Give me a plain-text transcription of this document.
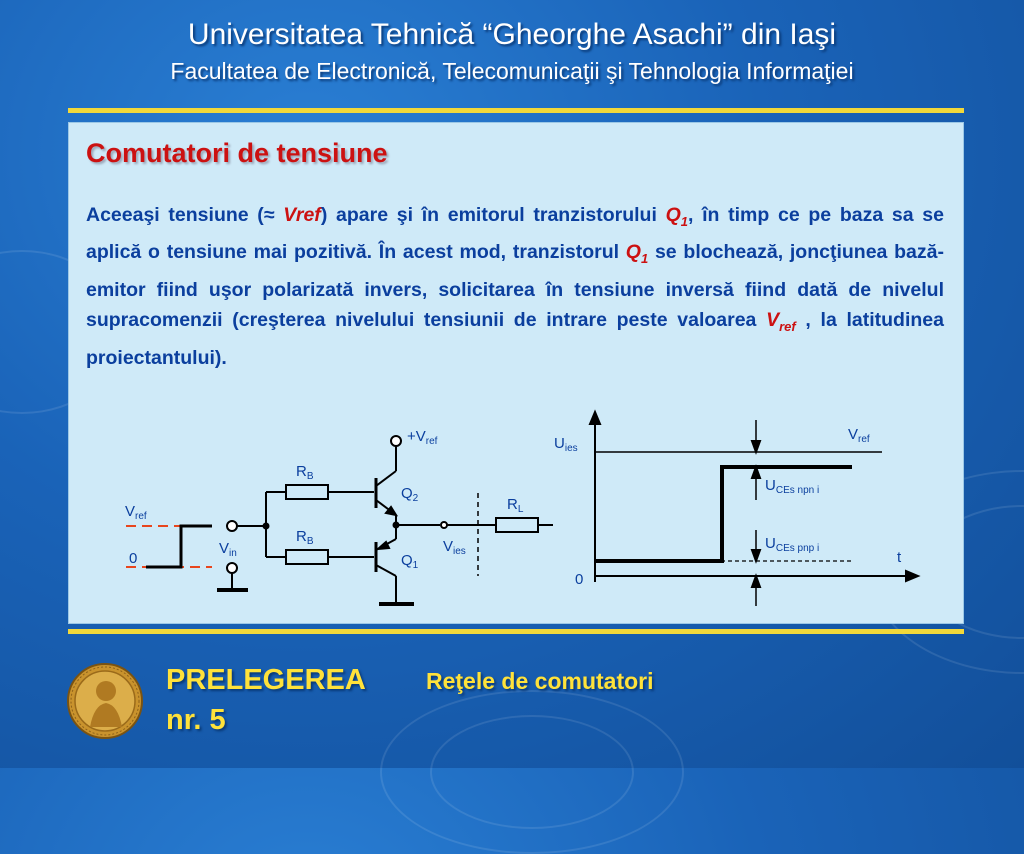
Universitatea Tehnică “Gheorghe Asachi” din Iaşi
Facultatea de Electronică, Telecomunicaţii şi Tehnologia Informaţiei
Comutatori de tensiune
Aceeaşi tensiune (≈ Vref) apare şi în emitorul tranzistorului $Q_1$, în timp ce pe baza sa se aplică o tensiune mai pozitivă. În acest mod, tranzistorul $Q_1$ se blochează, joncţiunea bază-emitor fiind uşor polarizată invers, solicitarea în tensiune inversă fiind dată de nivelul supracomenzii (creşterea nivelului tensiunii de intrare peste valoarea $V_{ref}$ , la latitudinea proiectantului).
$+V_{ref}$
$R_B$
$R_B$
$Q_2$
$Q_1$
$R_L$
$V_{ref}$
0
$V_{in}$	$V_{ies}$
$U_{ies}$
$V_{ref}$
$U_{CEs npn i}$
$U_{CEs pnp i}$
t
0
PRELEGEREA	Reţele de comutatori
nr. 5
